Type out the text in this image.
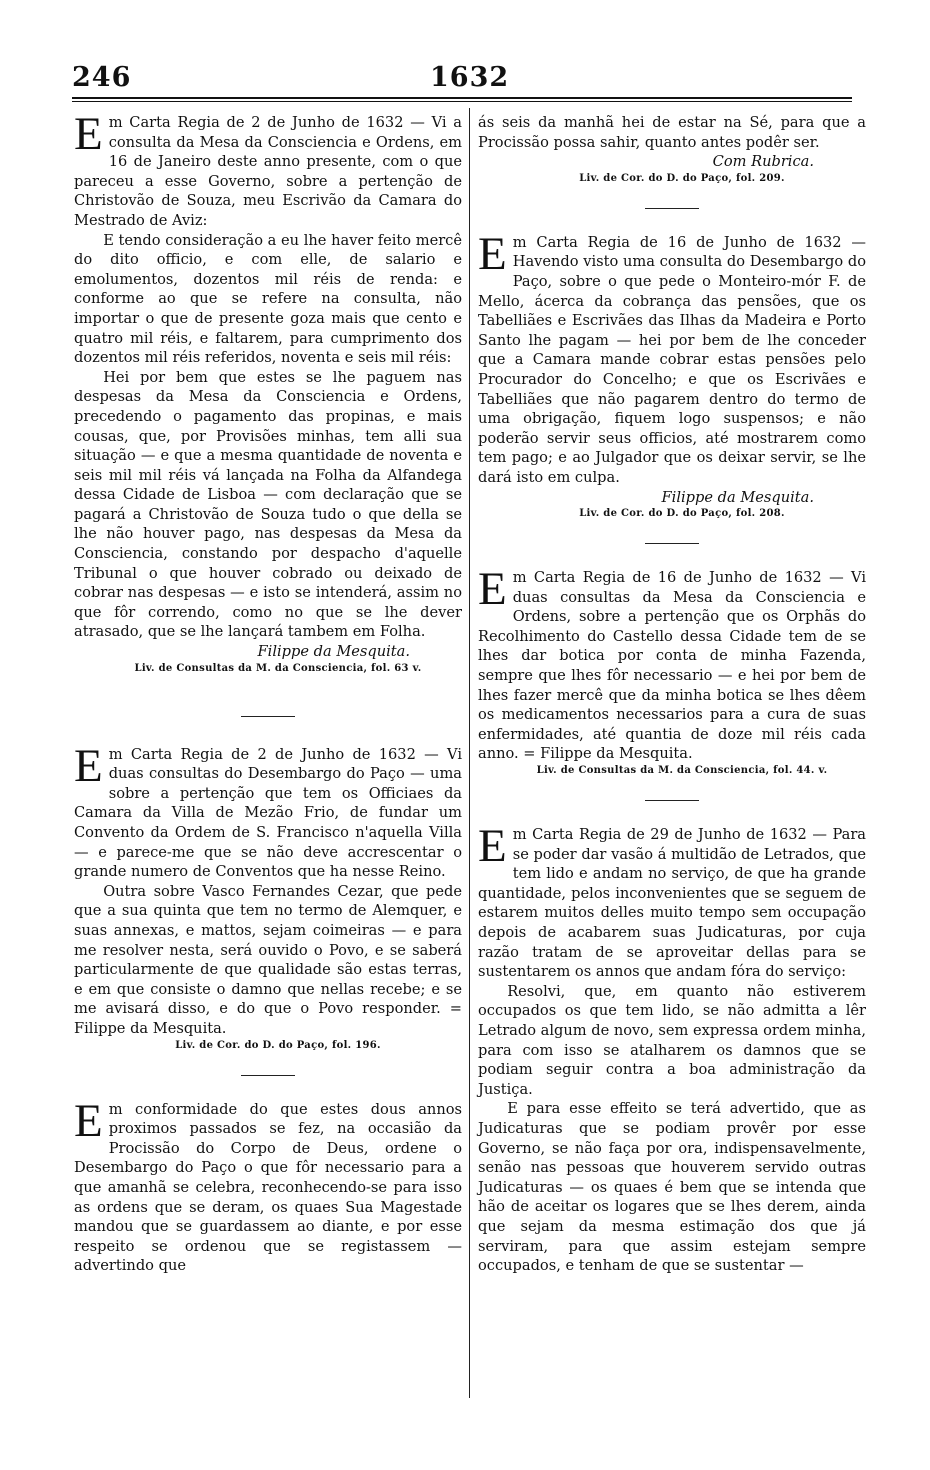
246	1632
E m Carta Regia de 2 de Junho de 1632 — Vi a consulta da Mesa da Consciencia e Ordens, em 16 de Janeiro deste anno presente, com o que pareceu a esse Governo, sobre a pertenção de Christovão de Souza, meu Escrivão da Camara do Mestrado de Aviz:

E tendo consideração a eu lhe haver feito mercê do dito officio, e com elle, de salario e emolumentos, dozentos mil réis de renda: e conforme ao que se refere na consulta, não importar o que de presente goza mais que cento e quatro mil réis, e faltarem, para cumprimento dos dozentos mil réis referidos, noventa e seis mil réis:

Hei por bem que estes se lhe paguem nas despesas da Mesa da Consciencia e Ordens, precedendo o pagamento das propinas, e mais cousas, que, por Provisões minhas, tem alli sua situação — e que a mesma quantidade de noventa e seis mil mil réis vá lançada na Folha da Alfandega dessa Cidade de Lisboa — com declaração que se pagará a Christovão de Souza tudo o que della se lhe não houver pago, nas despesas da Mesa da Consciencia, constando por despacho d'aquelle Tribunal o que houver cobrado ou deixado de cobrar nas despesas — e isto se intenderá, assim no que fôr correndo, como no que se lhe dever atrasado, que se lhe lançará tambem em Folha.

Filippe da Mesquita.

Liv. de Consultas da M. da Consciencia, fol. 63 v.

E m Carta Regia de 2 de Junho de 1632 — Vi duas consultas do Desembargo do Paço — uma sobre a pertenção que tem os Officiaes da Camara da Villa de Mezão Frio, de fundar um Convento da Ordem de S. Francisco n'aquella Villa — e parece-me que se não deve accrescentar o grande numero de Conventos que ha nesse Reino.

Outra sobre Vasco Fernandes Cezar, que pede que a sua quinta que tem no termo de Alemquer, e suas annexas, e mattos, sejam coimeiras — e para me resolver nesta, será ouvido o Povo, e se saberá particularmente de que qualidade são estas terras, e em que consiste o damno que nellas recebe; e se me avisará disso, e do que o Povo responder. = Filippe da Mesquita.

Liv. de Cor. do D. do Paço, fol. 196.

E m conformidade do que estes dous annos proximos passados se fez, na occasião da Procissão do Corpo de Deus, ordene o Desembargo do Paço o que fôr necessario para a que amanhã se celebra, reconhecendo-se para isso as ordens que se deram, os quaes Sua Magestade mandou que se guardassem ao diante, e por esse respeito se ordenou que se registassem — advertindo que

ás seis da manhã hei de estar na Sé, para que a Procissão possa sahir, quanto antes podêr ser.

Com Rubrica.

Liv. de Cor. do D. do Paço, fol. 209.

E m Carta Regia de 16 de Junho de 1632 — Havendo visto uma consulta do Desembargo do Paço, sobre o que pede o Monteiro-mór F. de Mello, ácerca da cobrança das pensões, que os Tabelliães e Escrivães das Ilhas da Madeira e Porto Santo lhe pagam — hei por bem de lhe conceder que a Camara mande cobrar estas pensões pelo Procurador do Concelho; e que os Escrivães e Tabelliães que não pagarem dentro do termo de uma obrigação, fiquem logo suspensos; e não poderão servir seus officios, até mostrarem como tem pago; e ao Julgador que os deixar servir, se lhe dará isto em culpa.

Filippe da Mesquita.

Liv. de Cor. do D. do Paço, fol. 208.

E m Carta Regia de 16 de Junho de 1632 — Vi duas consultas da Mesa da Consciencia e Ordens, sobre a pertenção que os Orphãs do Recolhimento do Castello dessa Cidade tem de se lhes dar botica por conta de minha Fazenda, sempre que lhes fôr necessario — e hei por bem de lhes fazer mercê que da minha botica se lhes dêem os medicamentos necessarios para a cura de suas enfermidades, até quantia de doze mil réis cada anno. = Filippe da Mesquita.

Liv. de Consultas da M. da Consciencia, fol. 44. v.

E m Carta Regia de 29 de Junho de 1632 — Para se poder dar vasão á multidão de Letrados, que tem lido e andam no serviço, de que ha grande quantidade, pelos inconvenientes que se seguem de estarem muitos delles muito tempo sem occupação depois de acabarem suas Judicaturas, por cuja razão tratam de se aproveitar dellas para se sustentarem os annos que andam fóra do serviço:

Resolvi, que, em quanto não estiverem occupados os que tem lido, se não admitta a lêr Letrado algum de novo, sem expressa ordem minha, para com isso se atalharem os damnos que se podiam seguir contra a boa administração da Justiça.

E para esse effeito se terá advertido, que as Judicaturas que se podiam provêr por esse Governo, se não faça por ora, indispensavelmente, senão nas pessoas que houverem servido outras Judicaturas — os quaes é bem que se intenda que hão de aceitar os logares que se lhes derem, ainda que sejam da mesma estimação dos que já serviram, para que assim estejam sempre occupados, e tenham de que se sustentar —
